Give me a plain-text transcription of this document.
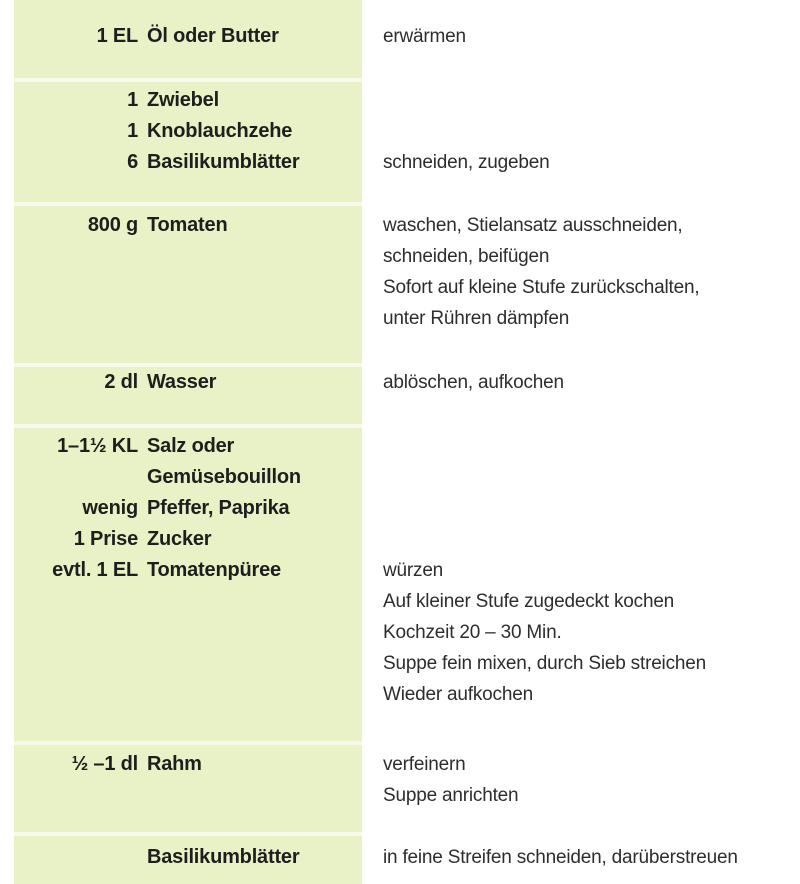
1 EL Öl oder Butter	erwärmen
1 Zwiebel
1 Knoblauchzehe
6 Basilikumblätter	schneiden, zugeben
800 g Tomaten	waschen, Stielansatz ausschneiden,
schneiden, beifügen
Sofort auf kleine Stufe zurückschalten,
unter Rühren dämpfen
2 dl Wasser	ablöschen, aufkochen
1–1½ KL Salz oder
Gemüsebouillon
wenig Pfeffer, Paprika
1 Prise Zucker
evtl. 1 EL Tomatenpüree	würzen
Auf kleiner Stufe zugedeckt kochen
Kochzeit 20 – 30 Min.
Suppe fein mixen, durch Sieb streichen
Wieder aufkochen
½ –1 dl Rahm	verfeinern
Suppe anrichten
Basilikumblätter	in feine Streifen schneiden, darüberstreuen
